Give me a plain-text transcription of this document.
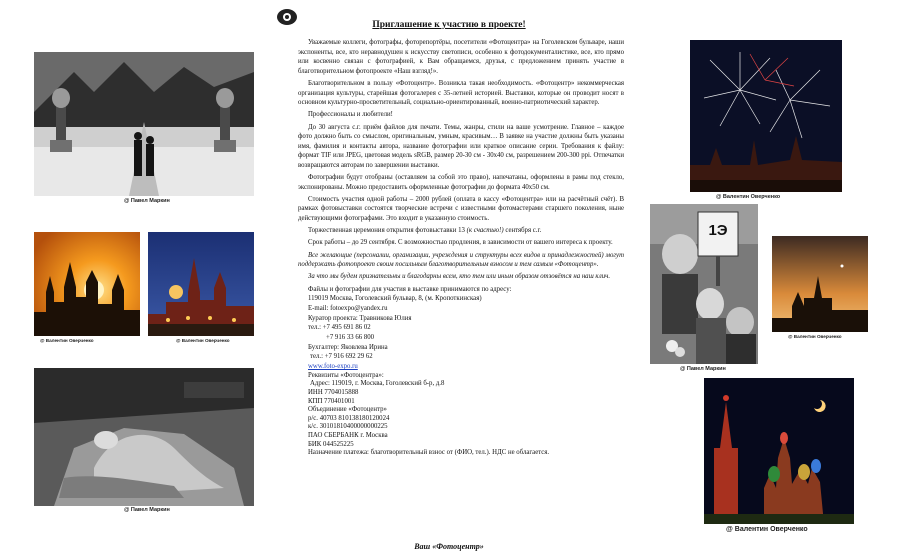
@ Павел Маркин
@ Валентин Оверченко	@ Валентин Оверченко
@ Павел Маркин
Приглашение к участию в проекте!

Уважаемые коллеги, фотографы, фоторепортёры, посетители «Фотоцентра» на Гоголевском бульваре, наши экспоненты, все, кто неравнодушен к искусству светописи, особенно к фотодокументалистике, все, кто прямо или косвенно связан с фотографией, к Вам обращаемся, друзья, с предложением принять участие в благотворительном фотопроекте «Наш взгляд!».

Благотворительном в пользу «Фотоцентр». Возникла такая необходимость. «Фотоцентр» некоммерческая организация культуры, старейшая фотогалерея с 35-летней историей. Выставки, которые он проводит носят в основном культурно-просветительный, социально-ориентированный, военно-патриотический характер.

Профессионалы и любители!

До 30 августа с.г. приём файлов для печати. Темы, жанры, стили на ваше усмотрение. Главное – каждое фото должно быть со смыслом, оригинальным, умным, красивым… В заявке на участие должны быть указаны имя, фамилия и контакты автора, название фотографии или краткое описание серии. Требования к файлу: формат TIF или JPEG, цветовая модель sRGB, размер 20-30 см - 30x40 см, разрешением 200-300 ppi. Отпечатки возвращаются авторам по завершении выставки.

Фотографии будут отобраны (оставляем за собой это право), напечатаны, оформлены в рамы под стекло, экспонированы. Можно предоставить оформленные фотографии до формата 40x50 см.

Стоимость участия одной работы – 2000 рублей (оплата в кассу «Фотоцентра» или на расчётный счёт). В рамках фотовыставки состоятся творческие встречи с известными фотомастерами старшего поколения, ныне действующими фотографами. Это входит в указанную стоимость.

Торжественная церемония открытия фотовыставки 13 (к счастью!) сентября с.г.

Срок работы – до 29 сентября. С возможностью продления, в зависимости от вашего интереса к проекту.

Все желающие (персоналии, организации, учреждения и структуры всех видов и принадлежностей) могут поддержать фотопроект своим посильным благотворительным взносом и тем самым «Фотоцентр».

За что мы будем признательны и благодарны всем, кто тем или иным образом отзовётся на наш клич.

Файлы и фотографии для участия в выставке принимаются по адресу:

119019 Москва, Гоголевский бульвар, 8, (м. Кропоткинская)
E-mail: fotoexpo@yandex.ru
Куратор проекта: Травникова Юлия
тел.: +7 495 691 86 02
+7 916 33 66 800
Бухгалтер: Яковлева Ирина
тел.: +7 916 692 29 62
www.foto-expo.ru
Реквизиты «Фотоцентра»:
Адрес: 119019, г. Москва, Гоголевский б-р, д.8
ИНН 7704015888
КПП 770401001
Объединение «Фотоцентр»
р/с. 40703 810138180120024
к/с. 30101810400000000225
ПАО СБЕРБАНК г. Москва
БИК 044525225
Назначение платежа: благотворительный взнос от (ФИО, тел.). НДС не облагается.
Ваш «Фотоцентр»
@ Валентин Оверченко
1Э
@ Павел Маркин
@ Валентин Оверченко
@ Валентин Оверченко
